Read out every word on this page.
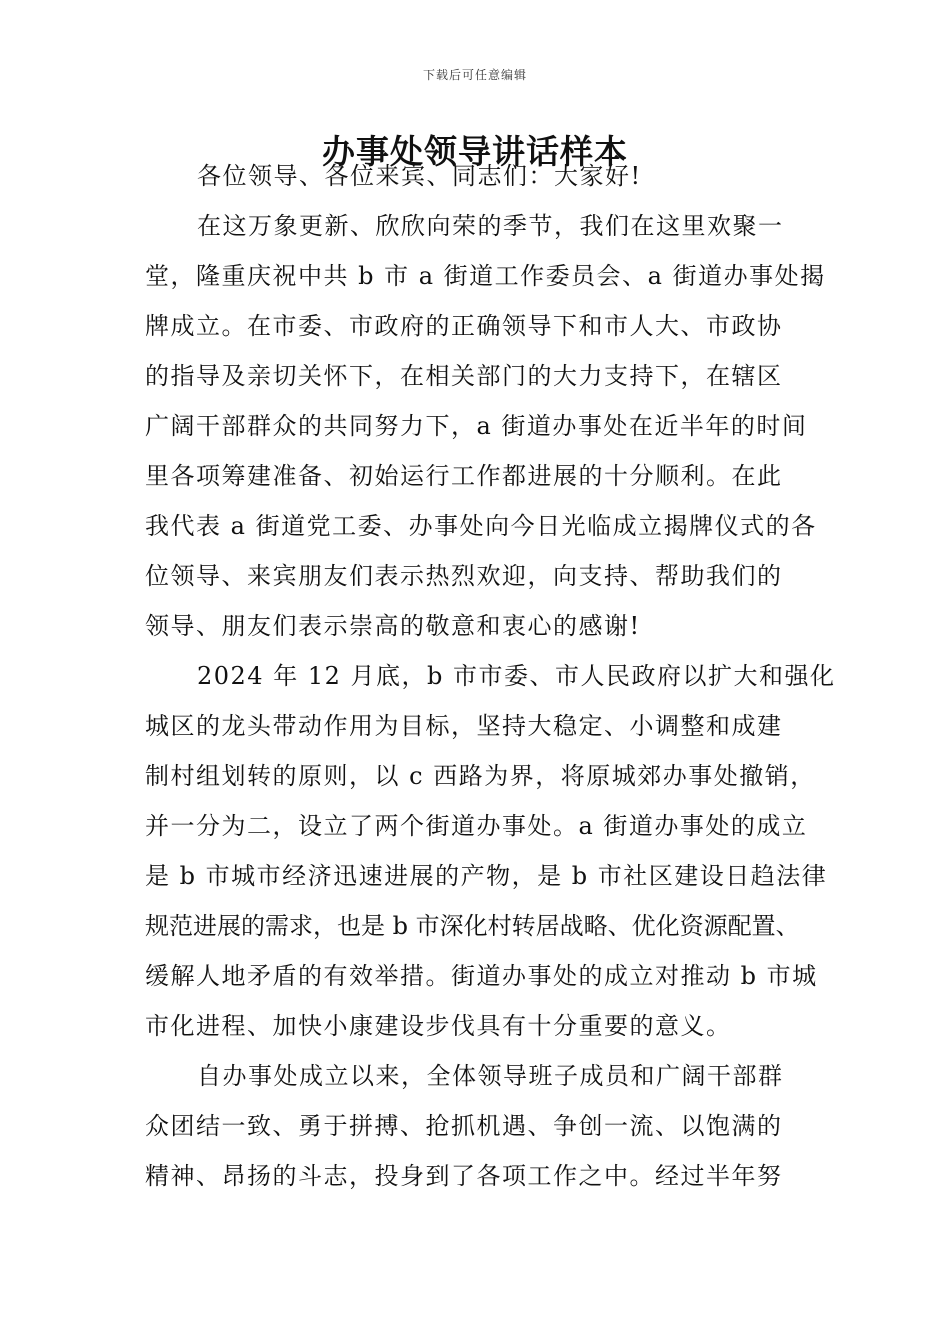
下载后可任意编辑
办事处领导讲话样本
各位领导、各位来宾、同志们：大家好!
在这万象更新、欣欣向荣的季节，我们在这里欢聚一
堂，隆重庆祝中共 b 市 a 街道工作委员会、a 街道办事处揭
牌成立。在市委、市政府的正确领导下和市人大、市政协
的指导及亲切关怀下，在相关部门的大力支持下，在辖区
广阔干部群众的共同努力下，a 街道办事处在近半年的时间
里各项筹建准备、初始运行工作都进展的十分顺利。在此
我代表 a 街道党工委、办事处向今日光临成立揭牌仪式的各
位领导、来宾朋友们表示热烈欢迎，向支持、帮助我们的
领导、朋友们表示崇高的敬意和衷心的感谢!
2024 年 12 月底，b 市市委、市人民政府以扩大和强化
城区的龙头带动作用为目标，坚持大稳定、小调整和成建
制村组划转的原则，以 c 西路为界，将原城郊办事处撤销，
并一分为二，设立了两个街道办事处。a 街道办事处的成立
是 b 市城市经济迅速进展的产物，是 b 市社区建设日趋法律
规范进展的需求，也是 b 市深化村转居战略、优化资源配置、
缓解人地矛盾的有效举措。街道办事处的成立对推动 b 市城
市化进程、加快小康建设步伐具有十分重要的意义。
自办事处成立以来，全体领导班子成员和广阔干部群
众团结一致、勇于拼搏、抢抓机遇、争创一流、以饱满的
精神、昂扬的斗志，投身到了各项工作之中。经过半年努
